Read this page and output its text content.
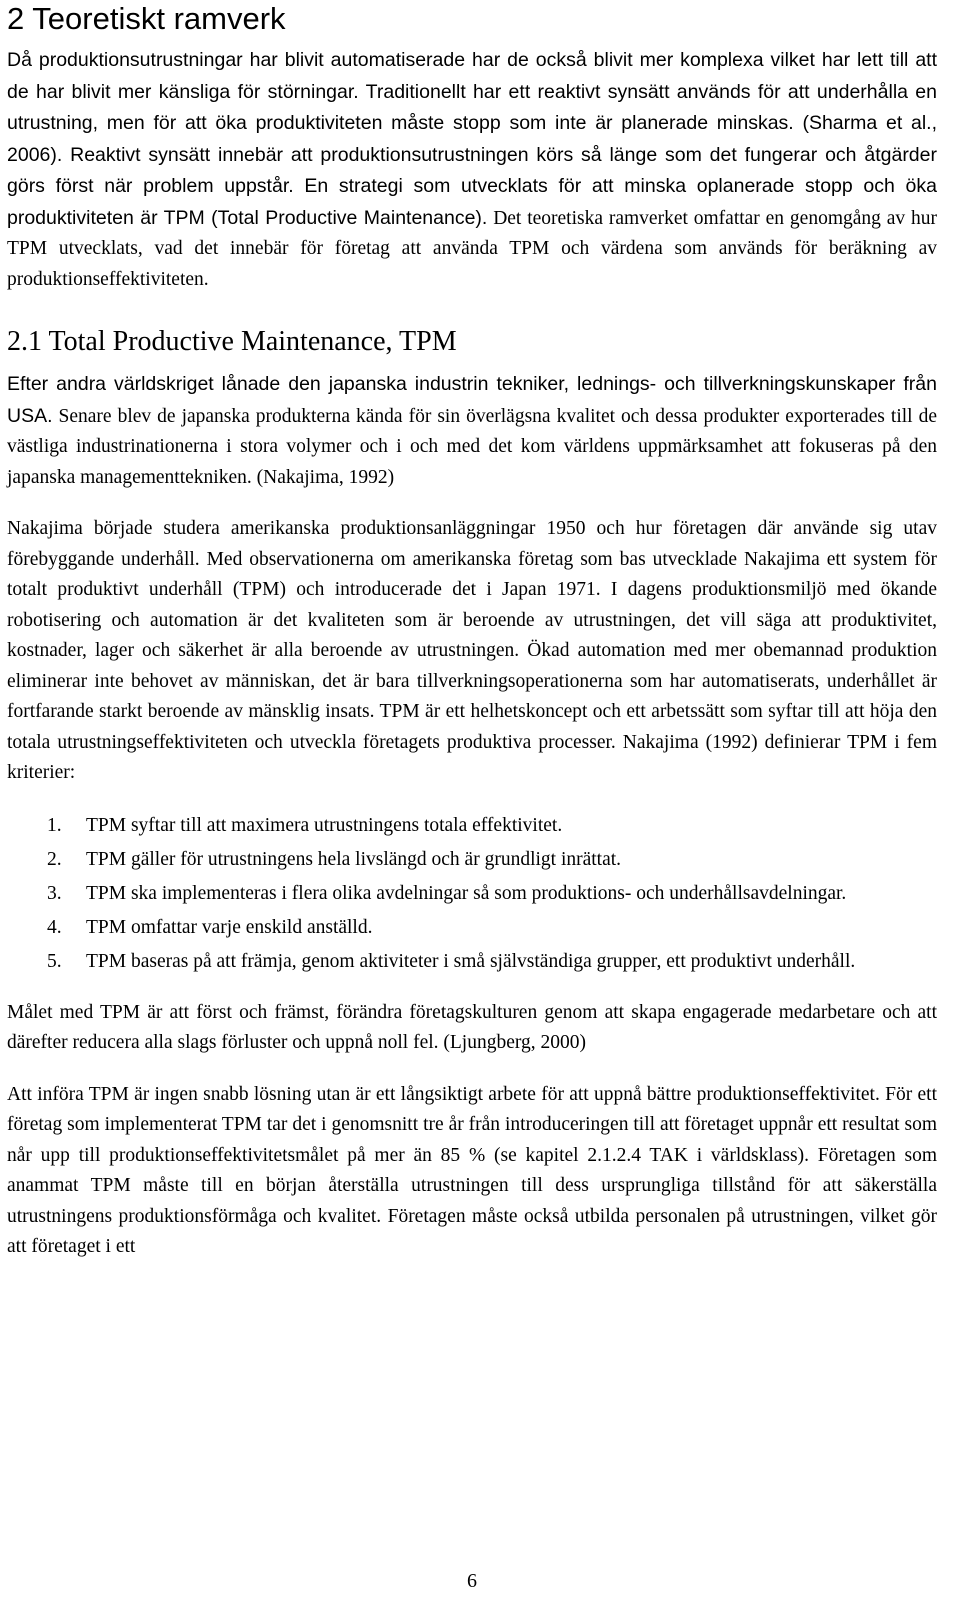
2 Teoretiskt ramverk

Då produktionsutrustningar har blivit automatiserade har de också blivit mer komplexa vilket har lett till att de har blivit mer känsliga för störningar. Traditionellt har ett reaktivt synsätt används för att underhålla en utrustning, men för att öka produktiviteten måste stopp som inte är planerade minskas. (Sharma et al., 2006). Reaktivt synsätt innebär att produktionsutrustningen körs så länge som det fungerar och åtgärder görs först när problem uppstår. En strategi som utvecklats för att minska oplanerade stopp och öka produktiviteten är TPM (Total Productive Maintenance). Det teoretiska ramverket omfattar en genomgång av hur TPM utvecklats, vad det innebär för företag att använda TPM och värdena som används för beräkning av produktionseffektiviteten.

2.1 Total Productive Maintenance, TPM

Efter andra världskriget lånade den japanska industrin tekniker, lednings- och tillverkningskunskaper från USA. Senare blev de japanska produkterna kända för sin överlägsna kvalitet och dessa produkter exporterades till de västliga industrinationerna i stora volymer och i och med det kom världens uppmärksamhet att fokuseras på den japanska managementtekniken. (Nakajima, 1992)

Nakajima började studera amerikanska produktionsanläggningar 1950 och hur företagen där använde sig utav förebyggande underhåll. Med observationerna om amerikanska företag som bas utvecklade Nakajima ett system för totalt produktivt underhåll (TPM) och introducerade det i Japan 1971. I dagens produktionsmiljö med ökande robotisering och automation är det kvaliteten som är beroende av utrustningen, det vill säga att produktivitet, kostnader, lager och säkerhet är alla beroende av utrustningen. Ökad automation med mer obemannad produktion eliminerar inte behovet av människan, det är bara tillverkningsoperationerna som har automatiserats, underhållet är fortfarande starkt beroende av mänsklig insats. TPM är ett helhetskoncept och ett arbetssätt som syftar till att höja den totala utrustningseffektiviteten och utveckla företagets produktiva processer. Nakajima (1992) definierar TPM i fem kriterier:

1. TPM syftar till att maximera utrustningens totala effektivitet.
2. TPM gäller för utrustningens hela livslängd och är grundligt inrättat.
3. TPM ska implementeras i flera olika avdelningar så som produktions- och underhållsavdelningar.
4. TPM omfattar varje enskild anställd.
5. TPM baseras på att främja, genom aktiviteter i små självständiga grupper, ett produktivt underhåll.

Målet med TPM är att först och främst, förändra företagskulturen genom att skapa engagerade medarbetare och att därefter reducera alla slags förluster och uppnå noll fel. (Ljungberg, 2000)

Att införa TPM är ingen snabb lösning utan är ett långsiktigt arbete för att uppnå bättre produktionseffektivitet. För ett företag som implementerat TPM tar det i genomsnitt tre år från introduceringen till att företaget uppnår ett resultat som når upp till produktionseffektivitetsmålet på mer än 85 % (se kapitel 2.1.2.4 TAK i världsklass). Företagen som anammat TPM måste till en början återställa utrustningen till dess ursprungliga tillstånd för att säkerställa utrustningens produktionsförmåga och kvalitet. Företagen måste också utbilda personalen på utrustningen, vilket gör att företaget i ett

6
